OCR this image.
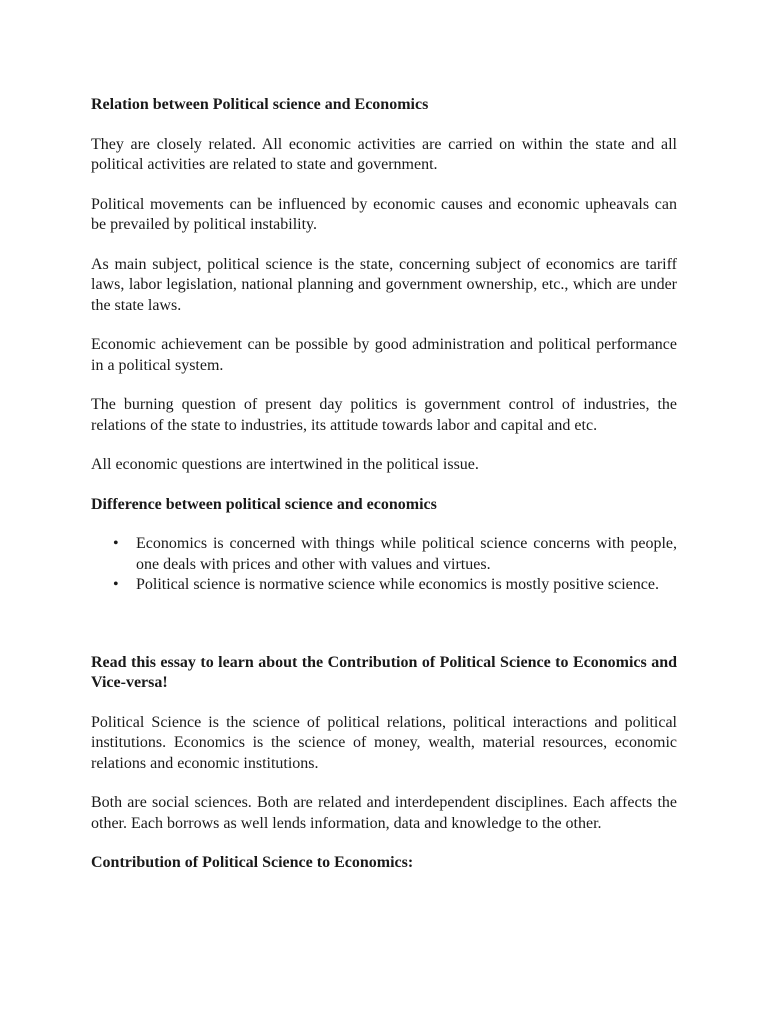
Relation between Political science and Economics

They are closely related. All economic activities are carried on within the state and all political activities are related to state and government.

Political movements can be influenced by economic causes and economic upheavals can be prevailed by political instability.

As main subject, political science is the state, concerning subject of economics are tariff laws, labor legislation, national planning and government ownership, etc., which are under the state laws.

Economic achievement can be possible by good administration and political performance in a political system.

The burning question of present day politics is government control of industries, the relations of the state to industries, its attitude towards labor and capital and etc.

All economic questions are intertwined in the political issue.

Difference between political science and economics
• Economics is concerned with things while political science concerns with people, one deals with prices and other with values and virtues.
• Political science is normative science while economics is mostly positive science.
Read this essay to learn about the Contribution of Political Science to Economics and Vice-versa!

Political Science is the science of political relations, political interactions and political institutions. Economics is the science of money, wealth, material resources, economic relations and economic institutions.

Both are social sciences. Both are related and interdependent disciplines. Each affects the other. Each borrows as well lends information, data and knowledge to the other.

Contribution of Political Science to Economics:
